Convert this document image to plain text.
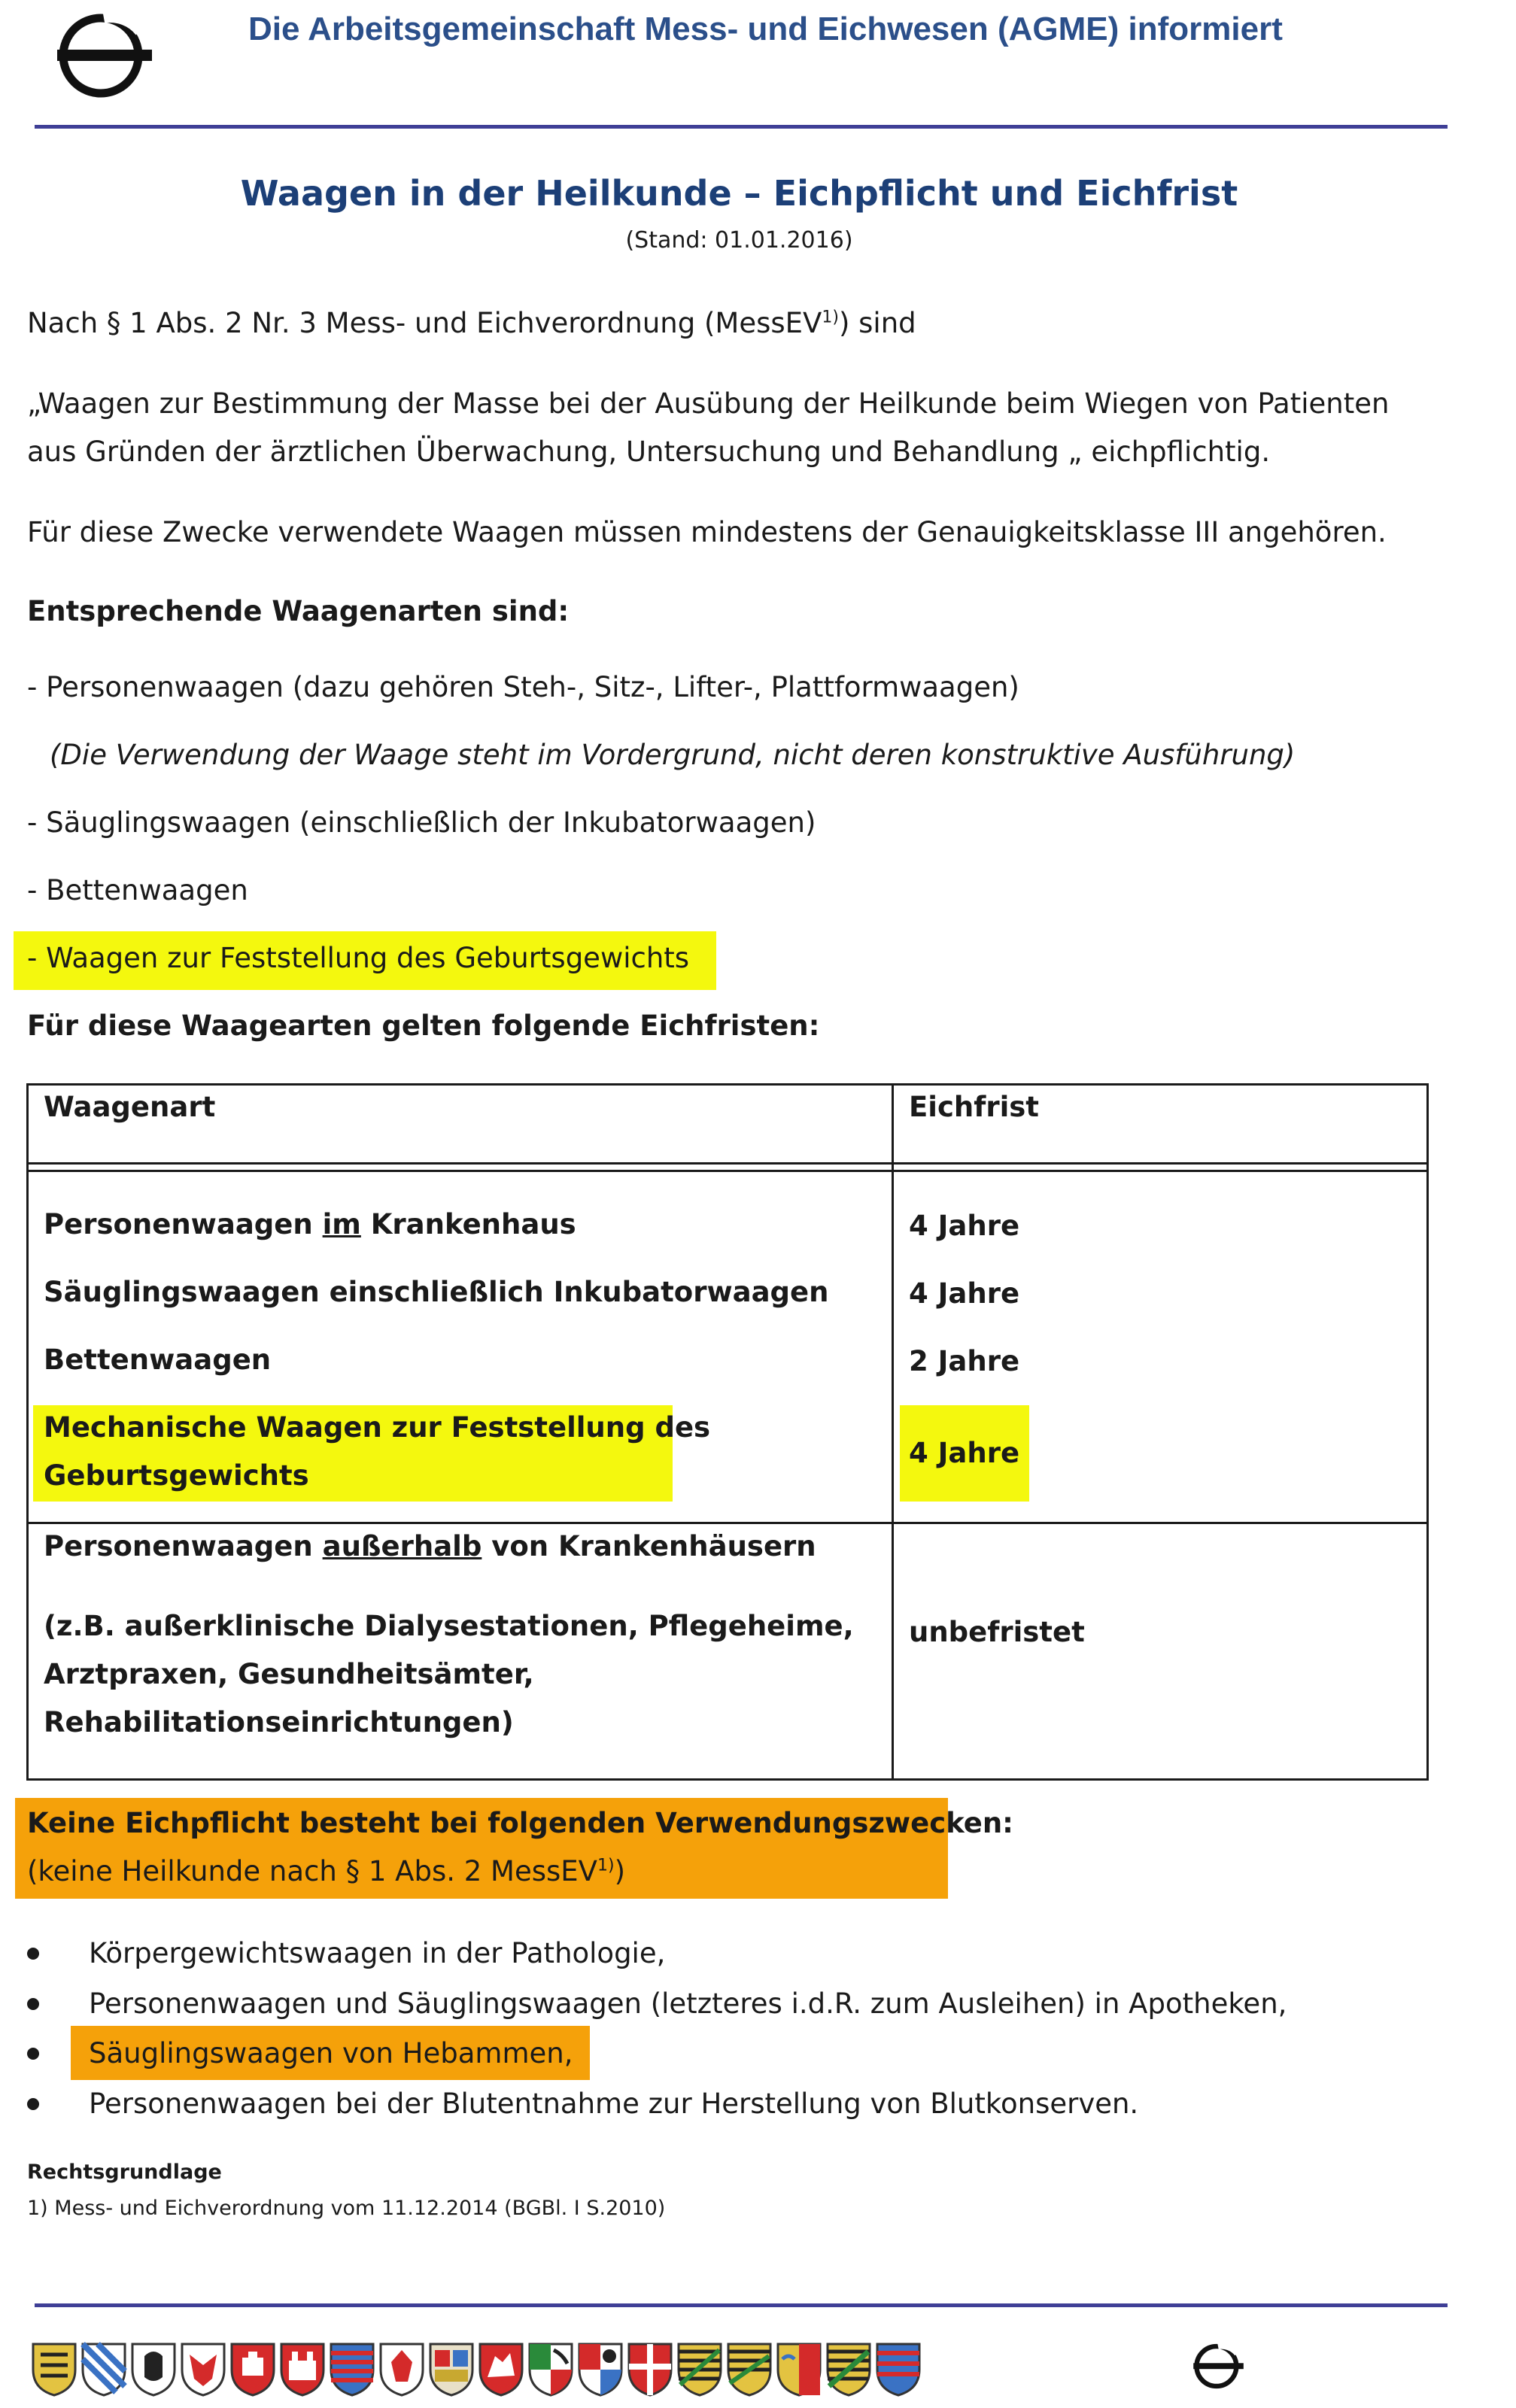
Die Arbeitsgemeinschaft Mess- und Eichwesen (AGME) informiert
Waagen in der Heilkunde – Eichpflicht und Eichfrist
(Stand: 01.01.2016)
Nach § 1 Abs. 2 Nr. 3 Mess- und Eichverordnung (MessEV$^{1)}$) sind
„Waagen zur Bestimmung der Masse bei der Ausübung der Heilkunde beim Wiegen von Patienten
aus Gründen der ärztlichen Überwachung, Untersuchung und Behandlung „ eichpflichtig.
Für diese Zwecke verwendete Waagen müssen mindestens der Genauigkeitsklasse III angehören.
Entsprechende Waagenarten sind:
- Personenwaagen (dazu gehören Steh-, Sitz-, Lifter-, Plattformwaagen)
(Die Verwendung der Waage steht im Vordergrund, nicht deren konstruktive Ausführung)
- Säuglingswaagen (einschließlich der Inkubatorwaagen)
- Bettenwaagen
- Waagen zur Feststellung des Geburtsgewichts
Für diese Waagearten gelten folgende Eichfristen:
Waagenart	Eichfrist
Personenwaagen im Krankenhaus
Säuglingswaagen einschließlich Inkubatorwaagen
Bettenwaagen
Mechanische Waagen zur Feststellung des
Geburtsgewichts
4 Jahre
4 Jahre
2 Jahre
4 Jahre
Personenwaagen außerhalb von Krankenhäusern
(z.B. außerklinische Dialysestationen, Pflegeheime,
Arztpraxen, Gesundheitsämter,
Rehabilitationseinrichtungen)
unbefristet
Keine Eichpflicht besteht bei folgenden Verwendungszwecken:
(keine Heilkunde nach § 1 Abs. 2 MessEV$^{1)}$)
Körpergewichtswaagen in der Pathologie,
Personenwaagen und Säuglingswaagen (letzteres i.d.R. zum Ausleihen) in Apotheken,
Säuglingswaagen von Hebammen,
Personenwaagen bei der Blutentnahme zur Herstellung von Blutkonserven.
Rechtsgrundlage
1) Mess- und Eichverordnung vom 11.12.2014 (BGBl. I S.2010)
